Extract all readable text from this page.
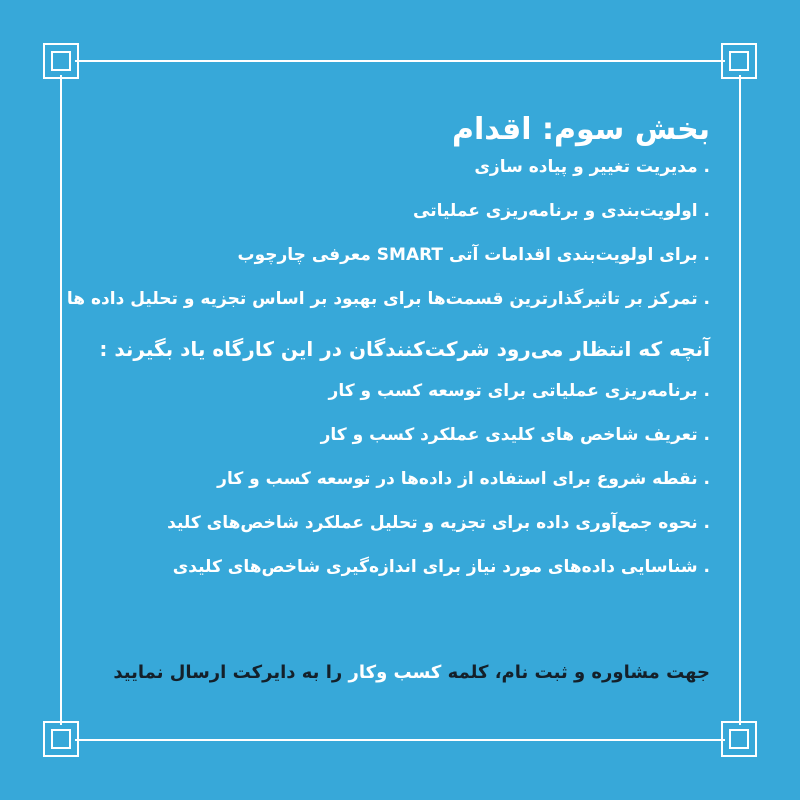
بخش سوم: اقدام
. مدیریت تغییر و پیاده سازی
. اولویت‌بندی و برنامه‌ریزی عملیاتی
. برای اولویت‌بندی اقدامات آتی SMART معرفی چارچوب
. تمرکز بر تاثیرگذارترین قسمت‌ها برای بهبود بر اساس تجزیه و تحلیل داده ها
آنچه که انتظار می‌رود شرکت‌کنندگان در این کارگاه یاد بگیرند :
. برنامه‌ریزی عملیاتی برای توسعه کسب و کار
. تعریف شاخص های کلیدی عملکرد کسب و کار
. نقطه شروع برای استفاده از داده‌ها در توسعه کسب و کار
. نحوه جمع‌آوری داده برای تجزیه و تحلیل عملکرد شاخص‌های کلید
. شناسایی داده‌های مورد نیاز برای اندازه‌گیری شاخص‌های کلیدی
جهت مشاوره و ثبت نام، کلمه کسب وکار را به دایرکت ارسال نمایید
